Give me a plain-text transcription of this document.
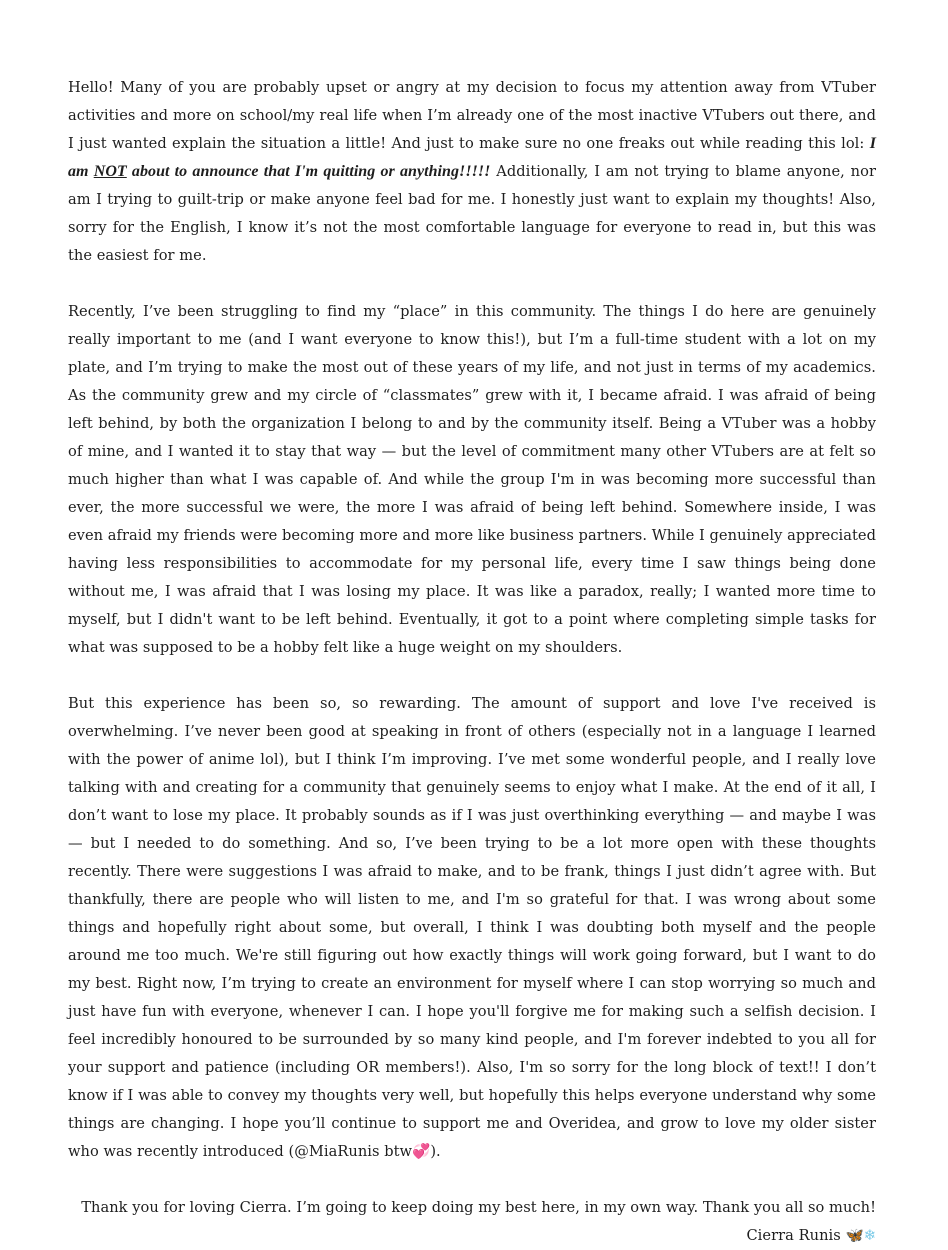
Hello! Many of you are probably upset or angry at my decision to focus my attention away from VTuber activities and more on school/my real life when I’m already one of the most inactive VTubers out there, and I just wanted explain the situation a little! And just to make sure no one freaks out while reading this lol: I am NOT about to announce that I'm quitting or anything!!!!! Additionally, I am not trying to blame anyone, nor am I trying to guilt-trip or make anyone feel bad for me. I honestly just want to explain my thoughts! Also, sorry for the English, I know it’s not the most comfortable language for everyone to read in, but this was the easiest for me.

Recently, I’ve been struggling to find my “place” in this community. The things I do here are genuinely really important to me (and I want everyone to know this!), but I’m a full-time student with a lot on my plate, and I’m trying to make the most out of these years of my life, and not just in terms of my academics. As the community grew and my circle of “classmates” grew with it, I became afraid. I was afraid of being left behind, by both the organization I belong to and by the community itself. Being a VTuber was a hobby of mine, and I wanted it to stay that way — but the level of commitment many other VTubers are at felt so much higher than what I was capable of. And while the group I'm in was becoming more successful than ever, the more successful we were, the more I was afraid of being left behind. Somewhere inside, I was even afraid my friends were becoming more and more like business partners. While I genuinely appreciated having less responsibilities to accommodate for my personal life, every time I saw things being done without me, I was afraid that I was losing my place. It was like a paradox, really; I wanted more time to myself, but I didn't want to be left behind. Eventually, it got to a point where completing simple tasks for what was supposed to be a hobby felt like a huge weight on my shoulders.

But this experience has been so, so rewarding. The amount of support and love I've received is overwhelming. I’ve never been good at speaking in front of others (especially not in a language I learned with the power of anime lol), but I think I’m improving. I’ve met some wonderful people, and I really love talking with and creating for a community that genuinely seems to enjoy what I make. At the end of it all, I don’t want to lose my place. It probably sounds as if I was just overthinking everything — and maybe I was — but I needed to do something. And so, I’ve been trying to be a lot more open with these thoughts recently. There were suggestions I was afraid to make, and to be frank, things I just didn’t agree with. But thankfully, there are people who will listen to me, and I'm so grateful for that. I was wrong about some things and hopefully right about some, but overall, I think I was doubting both myself and the people around me too much. We're still figuring out how exactly things will work going forward, but I want to do my best. Right now, I’m trying to create an environment for myself where I can stop worrying so much and just have fun with everyone, whenever I can. I hope you'll forgive me for making such a selfish decision. I feel incredibly honoured to be surrounded by so many kind people, and I'm forever indebted to you all for your support and patience (including OR members!). Also, I'm so sorry for the long block of text!! I don’t know if I was able to convey my thoughts very well, but hopefully this helps everyone understand why some things are changing. I hope you’ll continue to support me and Overidea, and grow to love my older sister who was recently introduced (@MiaRunis btw💞).

Thank you for loving Cierra. I’m going to keep doing my best here, in my own way. Thank you all so much!
Cierra Runis 🦋❄
